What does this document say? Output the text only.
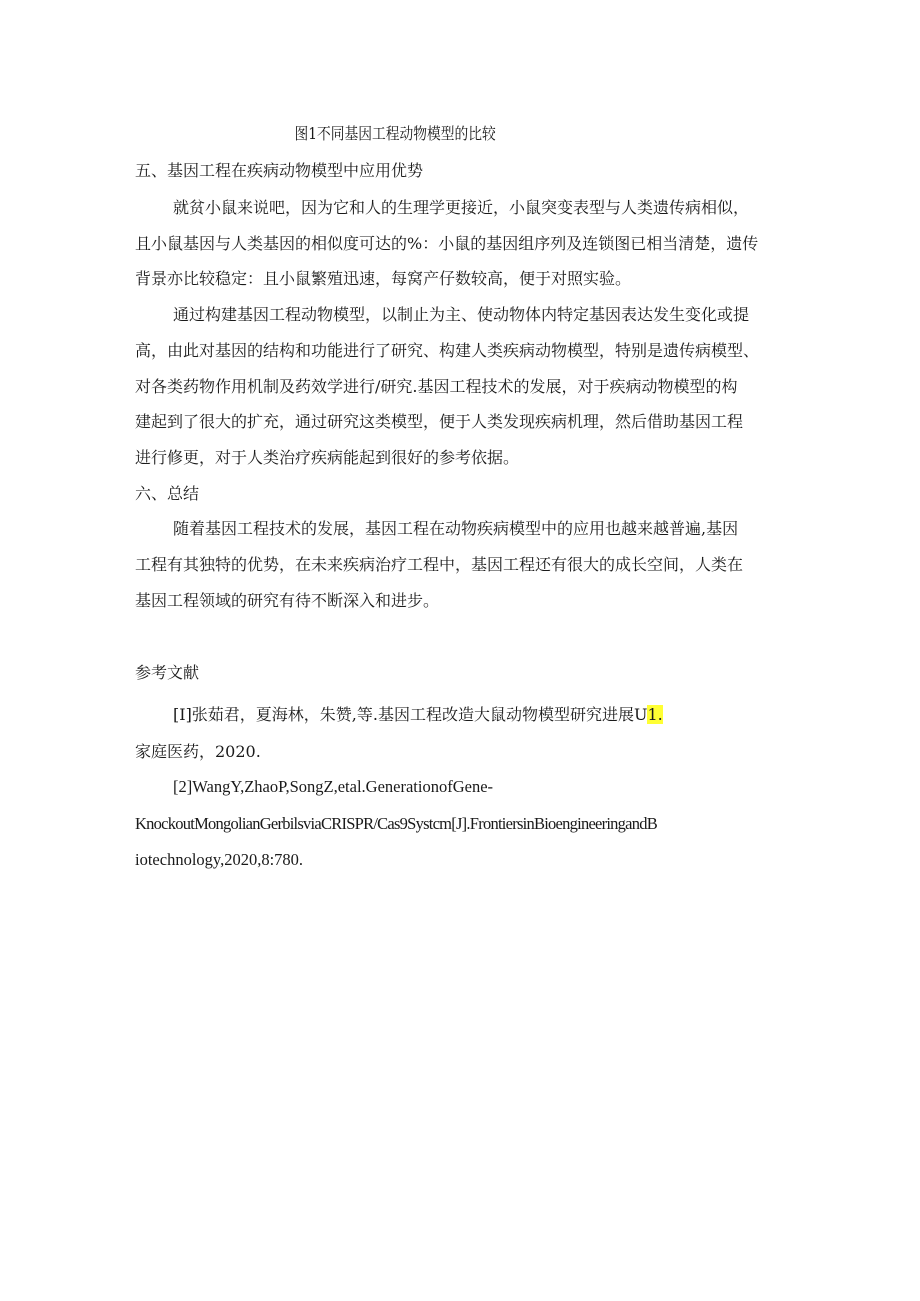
图1不同基因工程动物模型的比较
五、基因工程在疾病动物模型中应用优势
就贫小鼠来说吧，因为它和人的生理学更接近，小鼠突变表型与人类遗传病相似，
且小鼠基因与人类基因的相似度可达的%：小鼠的基因组序列及连锁图已相当清楚，遗传
背景亦比较稳定：且小鼠繁殖迅速，每窝产仔数较高，便于对照实验。
通过构建基因工程动物模型，以制止为主、使动物体内特定基因表达发生变化或提
高，由此对基因的结构和功能进行了研究、构建人类疾病动物模型，特别是遗传病模型、
对各类药物作用机制及药效学进行/研究.基因工程技术的发展，对于疾病动物模型的构
建起到了很大的扩充，通过研究这类模型，便于人类发现疾病机理，然后借助基因工程
进行修更，对于人类治疗疾病能起到很好的参考依据。
六、总结
随着基因工程技术的发展，基因工程在动物疾病模型中的应用也越来越普遍,基因
工程有其独特的优势，在未来疾病治疗工程中，基因工程还有很大的成长空间，人类在
基因工程领域的研究有待不断深入和进步。
参考文献
[I]张茹君，夏海林，朱赞,等.基因工程改造大鼠动物模型研究进展U1.
家庭医药，2020.
[2]WangY,ZhaoP,SongZ,etal.GenerationofGene-
KnockoutMongolianGerbilsviaCRISPR/Cas9Systcm[J].FrontiersinBioengineeringandB
iotechnology,2020,8:780.
